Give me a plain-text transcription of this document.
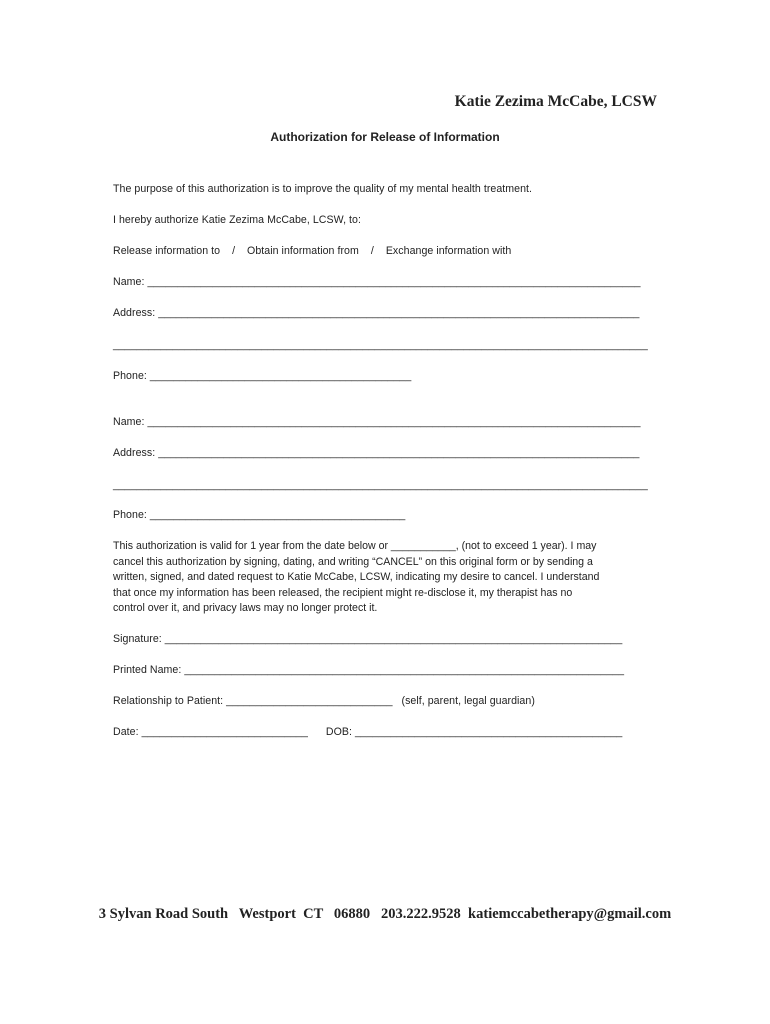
Katie Zezima McCabe, LCSW
Authorization for Release of Information
The purpose of this authorization is to improve the quality of my mental health treatment.
I hereby authorize Katie Zezima McCabe, LCSW, to:
Release information to    /    Obtain information from    /    Exchange information with
Name: ___________________________________________________________________________________
Address: _________________________________________________________________________________
__________________________________________________________________________________________
Phone: ____________________________________________
Name: ___________________________________________________________________________________
Address: _________________________________________________________________________________
__________________________________________________________________________________________
Phone: ___________________________________________
This authorization is valid for 1 year from the date below or ___________, (not to exceed 1 year). I may
cancel this authorization by signing, dating, and writing “CANCEL” on this original form or by sending a
written, signed, and dated request to Katie McCabe, LCSW, indicating my desire to cancel. I understand
that once my information has been released, the recipient might re-disclose it, my therapist has no
control over it, and privacy laws may no longer protect it.
Signature: _____________________________________________________________________________
Printed Name: __________________________________________________________________________
Relationship to Patient: ____________________________   (self, parent, legal guardian)
Date: ____________________________      DOB: _____________________________________________
3 Sylvan Road South   Westport  CT   06880   203.222.9528  katiemccabetherapy@gmail.com
